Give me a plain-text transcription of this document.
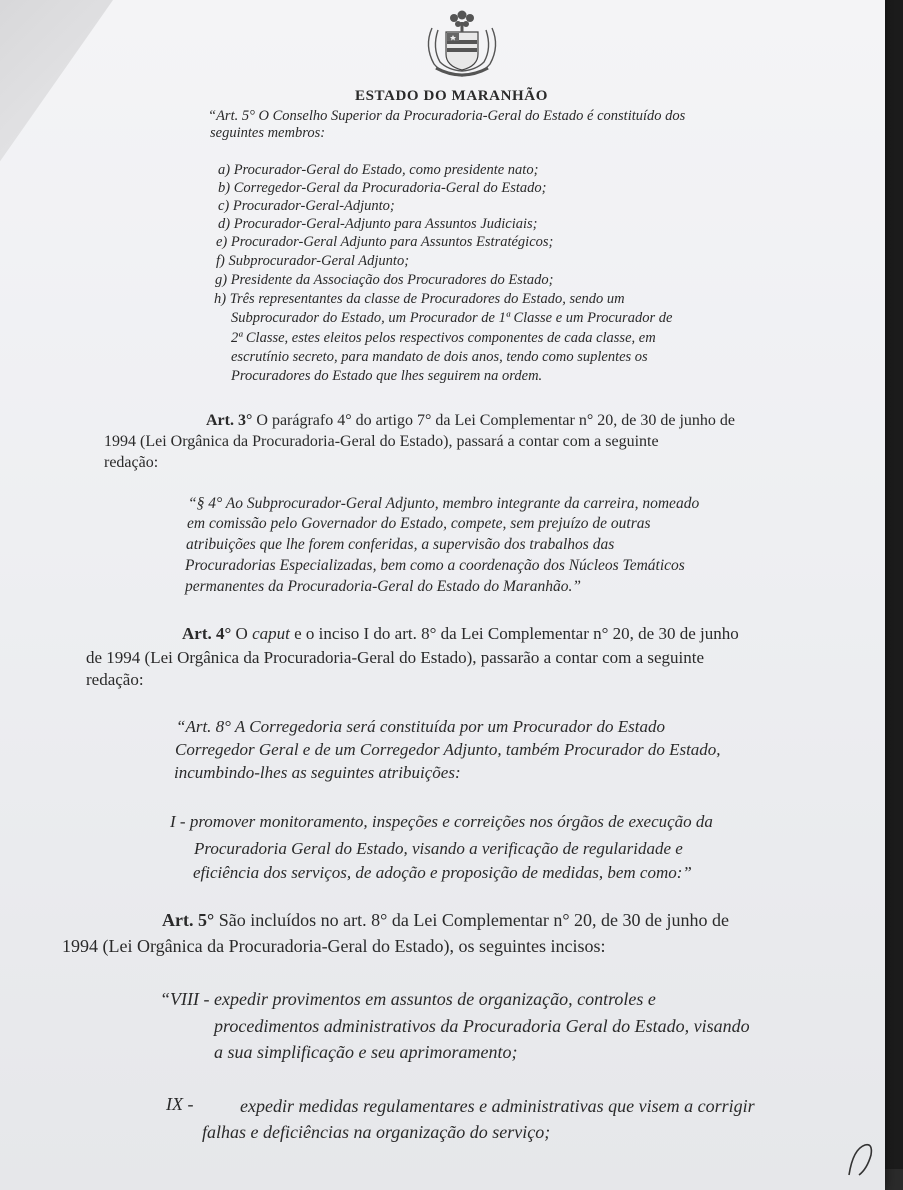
ESTADO DO MARANHÃO
“Art. 5° O Conselho Superior da Procuradoria-Geral do Estado é constituído dos
seguintes membros:
a) Procurador-Geral do Estado, como presidente nato;
b) Corregedor-Geral da Procuradoria-Geral do Estado;
c) Procurador-Geral-Adjunto;
d) Procurador-Geral-Adjunto para Assuntos Judiciais;
e) Procurador-Geral Adjunto para Assuntos Estratégicos;
f) Subprocurador-Geral Adjunto;
g) Presidente da Associação dos Procuradores do Estado;
h) Três representantes da classe de Procuradores do Estado, sendo um
Subprocurador do Estado, um Procurador de 1ª Classe e um Procurador de
2ª Classe, estes eleitos pelos respectivos componentes de cada classe, em
escrutínio secreto, para mandato de dois anos, tendo como suplentes os
Procuradores do Estado que lhes seguirem na ordem.
Art. 3° O parágrafo 4° do artigo 7° da Lei Complementar n° 20, de 30 de junho de
1994 (Lei Orgânica da Procuradoria-Geral do Estado), passará a contar com a seguinte
redação:
“§ 4° Ao Subprocurador-Geral Adjunto, membro integrante da carreira, nomeado
em comissão pelo Governador do Estado, compete, sem prejuízo de outras
atribuições que lhe forem conferidas, a supervisão dos trabalhos das
Procuradorias Especializadas, bem como a coordenação dos Núcleos Temáticos
permanentes da Procuradoria-Geral do Estado do Maranhão.”
Art. 4° O caput e o inciso I do art. 8° da Lei Complementar n° 20, de 30 de junho
de 1994 (Lei Orgânica da Procuradoria-Geral do Estado), passarão a contar com a seguinte
redação:
“Art. 8° A Corregedoria será constituída por um Procurador do Estado
Corregedor Geral e de um Corregedor Adjunto, também Procurador do Estado,
incumbindo-lhes as seguintes atribuições:
I - promover monitoramento, inspeções e correições nos órgãos de execução da
Procuradoria Geral do Estado, visando a verificação de regularidade e
eficiência dos serviços, de adoção e proposição de medidas, bem como:”
Art. 5° São incluídos no art. 8° da Lei Complementar n° 20, de 30 de junho de
1994 (Lei Orgânica da Procuradoria-Geral do Estado), os seguintes incisos:
“VIII - expedir provimentos em assuntos de organização, controles e
procedimentos administrativos da Procuradoria Geral do Estado, visando
a sua simplificação e seu aprimoramento;
IX -	expedir medidas regulamentares e administrativas que visem a corrigir
falhas e deficiências na organização do serviço;
